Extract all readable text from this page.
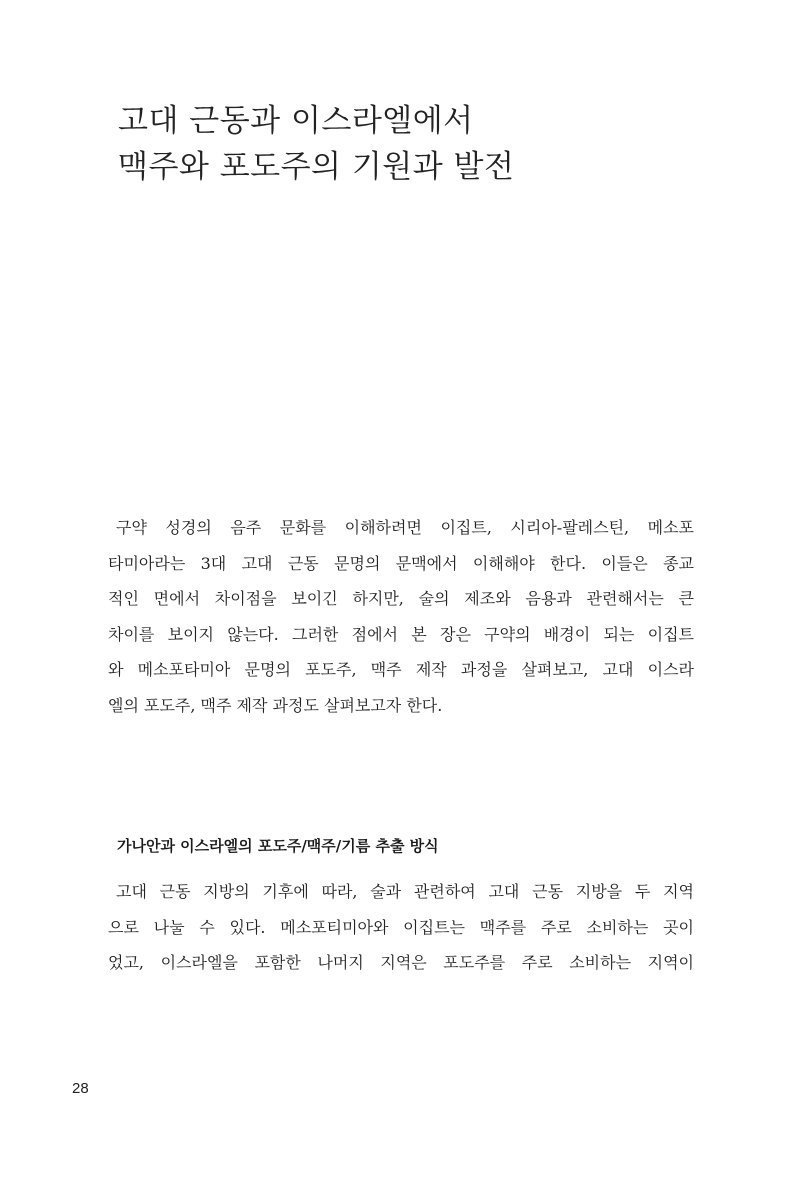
고대 근동과 이스라엘에서
맥주와 포도주의 기원과 발전

구약 성경의 음주 문화를 이해하려면 이집트, 시리아-팔레스틴, 메소포
타미아라는 3대 고대 근동 문명의 문맥에서 이해해야 한다. 이들은 종교
적인 면에서 차이점을 보이긴 하지만, 술의 제조와 음용과 관련해서는 큰
차이를 보이지 않는다. 그러한 점에서 본 장은 구약의 배경이 되는 이집트
와 메소포타미아 문명의 포도주, 맥주 제작 과정을 살펴보고, 고대 이스라
엘의 포도주, 맥주 제작 과정도 살펴보고자 한다.

가나안과 이스라엘의 포도주/맥주/기름 추출 방식

고대 근동 지방의 기후에 따라, 술과 관련하여 고대 근동 지방을 두 지역
으로 나눌 수 있다. 메소포티미아와 이집트는 맥주를 주로 소비하는 곳이
었고, 이스라엘을 포함한 나머지 지역은 포도주를 주로 소비하는 지역이

28
